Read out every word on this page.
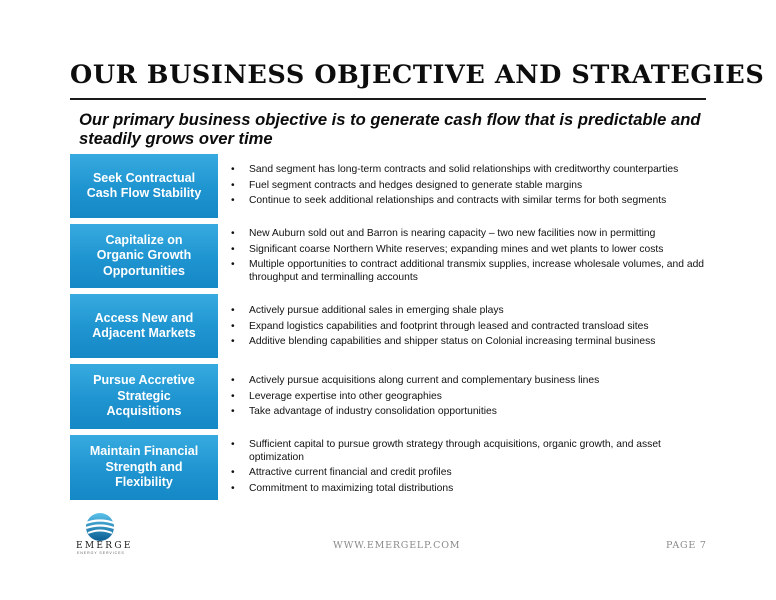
OUR BUSINESS OBJECTIVE AND STRATEGIES
Our primary business objective is to generate cash flow that is predictable and steadily grows over time
Seek Contractual Cash Flow Stability
• Sand segment has long-term contracts and solid relationships with creditworthy counterparties
• Fuel segment contracts and hedges designed to generate stable margins
• Continue to seek additional relationships and contracts with similar terms for both segments
Capitalize on Organic Growth Opportunities
• New Auburn sold out and Barron is nearing capacity – two new facilities now in permitting
• Significant coarse Northern White reserves; expanding mines and wet plants to lower costs
• Multiple opportunities to contract additional transmix supplies, increase wholesale volumes, and add throughput and terminalling accounts
Access New and Adjacent Markets
• Actively pursue additional sales in emerging shale plays
• Expand logistics capabilities and footprint through leased and contracted transload sites
• Additive blending capabilities and shipper status on Colonial increasing terminal business
Pursue Accretive Strategic Acquisitions
• Actively pursue acquisitions along current and complementary business lines
• Leverage expertise into other geographies
• Take advantage of industry consolidation opportunities
Maintain Financial Strength and Flexibility
• Sufficient capital to pursue growth strategy through acquisitions, organic growth, and asset optimization
• Attractive current financial and credit profiles
• Commitment to maximizing total distributions
EMERGE
ENERGY SERVICES
WWW.EMERGELP.COM	PAGE 7
